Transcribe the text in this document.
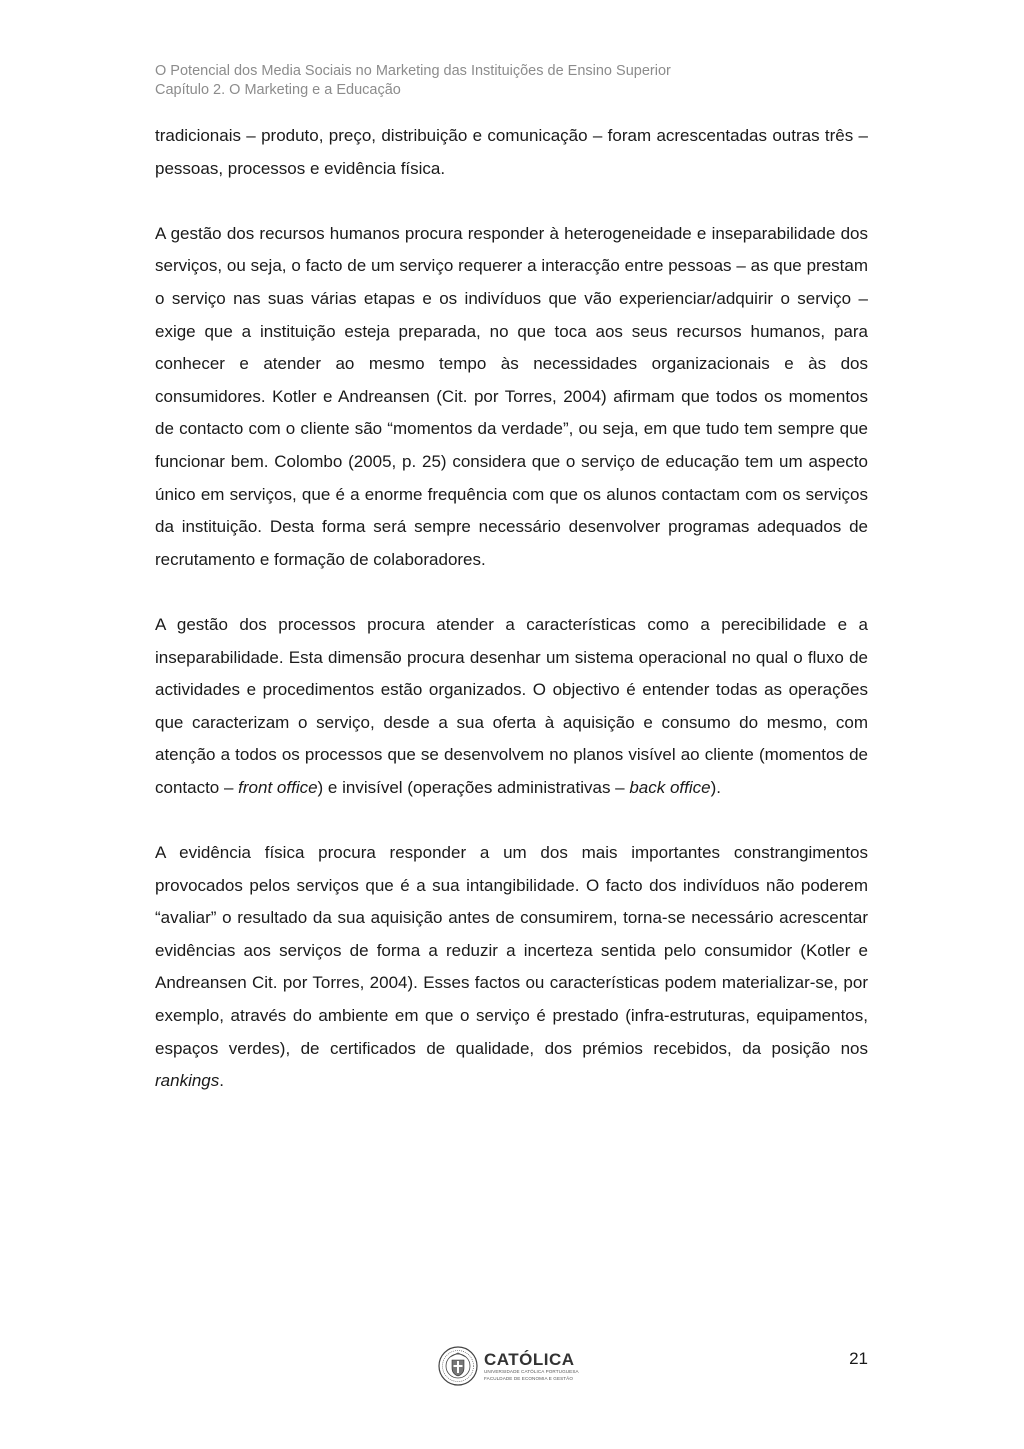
O Potencial dos Media Sociais no Marketing das Instituições de Ensino Superior
Capítulo 2. O Marketing e a Educação

tradicionais – produto, preço, distribuição e comunicação – foram acrescentadas outras três – pessoas, processos e evidência física.

A gestão dos recursos humanos procura responder à heterogeneidade e inseparabilidade dos serviços, ou seja, o facto de um serviço requerer a interacção entre pessoas – as que prestam o serviço nas suas várias etapas e os indivíduos que vão experienciar/adquirir o serviço – exige que a instituição esteja preparada, no que toca aos seus recursos humanos, para conhecer e atender ao mesmo tempo às necessidades organizacionais e às dos consumidores. Kotler e Andreansen (Cit. por Torres, 2004) afirmam que todos os momentos de contacto com o cliente são “momentos da verdade”, ou seja, em que tudo tem sempre que funcionar bem. Colombo (2005, p. 25) considera que o serviço de educação tem um aspecto único em serviços, que é a enorme frequência com que os alunos contactam com os serviços da instituição. Desta forma será sempre necessário desenvolver programas adequados de recrutamento e formação de colaboradores.

A gestão dos processos procura atender a características como a perecibilidade e a inseparabilidade. Esta dimensão procura desenhar um sistema operacional no qual o fluxo de actividades e procedimentos estão organizados. O objectivo é entender todas as operações que caracterizam o serviço, desde a sua oferta à aquisição e consumo do mesmo, com atenção a todos os processos que se desenvolvem no planos visível ao cliente (momentos de contacto – front office) e invisível (operações administrativas – back office).

A evidência física procura responder a um dos mais importantes constrangimentos provocados pelos serviços que é a sua intangibilidade. O facto dos indivíduos não poderem “avaliar” o resultado da sua aquisição antes de consumirem, torna-se necessário acrescentar evidências aos serviços de forma a reduzir a incerteza sentida pelo consumidor (Kotler e Andreansen Cit. por Torres, 2004). Esses factos ou características podem materializar-se, por exemplo, através do ambiente em que o serviço é prestado (infra-estruturas, equipamentos, espaços verdes), de certificados de qualidade, dos prémios recebidos, da posição nos rankings.

CATÓLICA
UNIVERSIDADE CATÓLICA PORTUGUESA
FACULDADE DE ECONOMIA E GESTÃO
21
